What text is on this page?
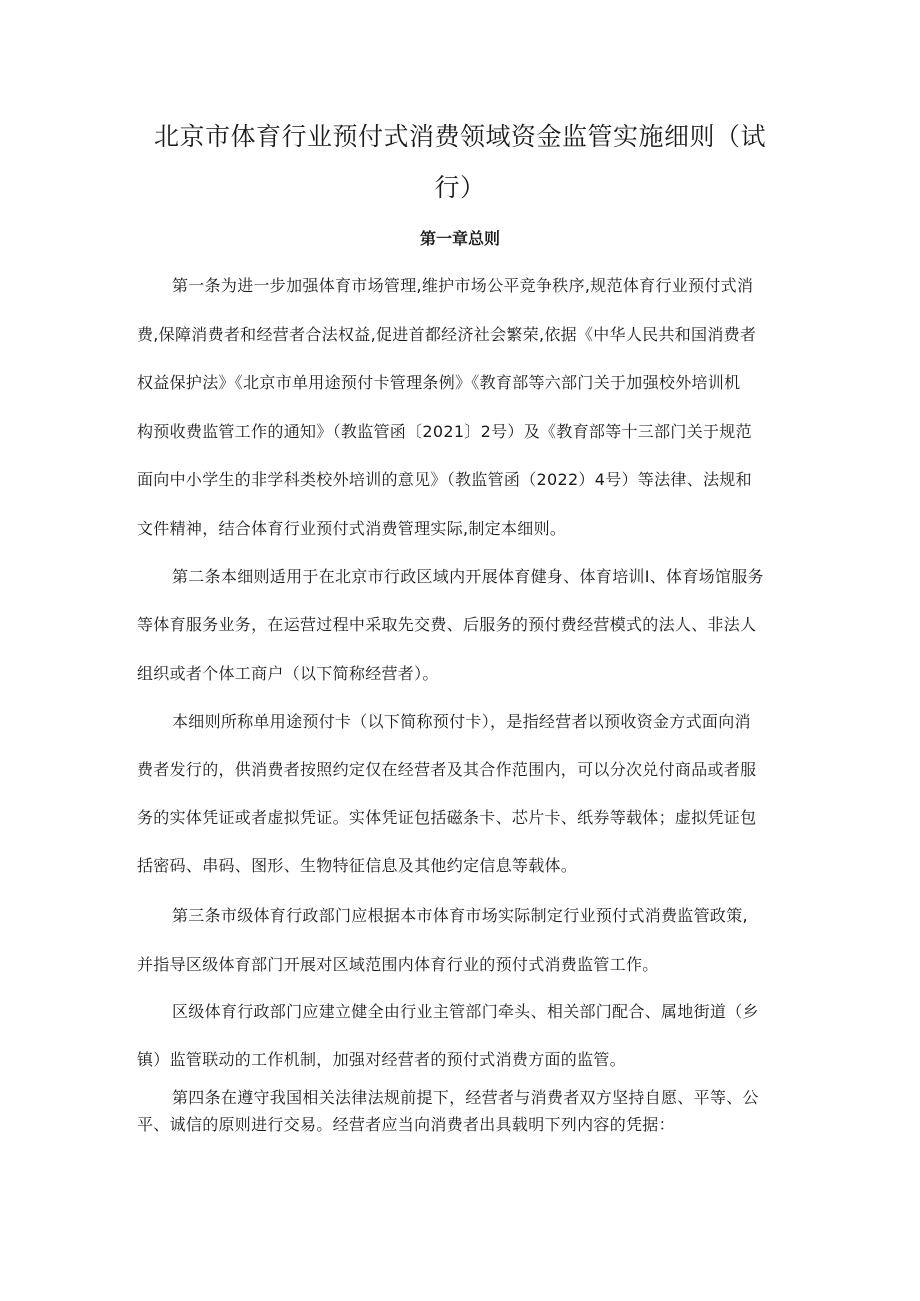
北京市体育行业预付式消费领域资金监管实施细则（试
行）
第一章总则
第一条为进一步加强体育市场管理,维护市场公平竞争秩序,规范体育行业预付式消
费,保障消费者和经营者合法权益,促进首都经济社会繁荣,依据《中华人民共和国消费者
权益保护法》《北京市单用途预付卡管理条例》《教育部等六部门关于加强校外培训机
构预收费监管工作的通知》（教监管函〔2021〕2号）及《教育部等十三部门关于规范
面向中小学生的非学科类校外培训的意见》（教监管函（2022）4号）等法律、法规和
文件精神，结合体育行业预付式消费管理实际,制定本细则。
第二条本细则适用于在北京市行政区域内开展体育健身、体育培训Ⅰ、体育场馆服务
等体育服务业务，在运营过程中采取先交费、后服务的预付费经营模式的法人、非法人
组织或者个体工商户（以下简称经营者）。
本细则所称单用途预付卡（以下简称预付卡），是指经营者以预收资金方式面向消
费者发行的，供消费者按照约定仅在经营者及其合作范围内，可以分次兑付商品或者服
务的实体凭证或者虚拟凭证。实体凭证包括磁条卡、芯片卡、纸券等载体；虚拟凭证包
括密码、串码、图形、生物特征信息及其他约定信息等载体。
第三条市级体育行政部门应根据本市体育市场实际制定行业预付式消费监管政策,
并指导区级体育部门开展对区域范围内体育行业的预付式消费监管工作。
区级体育行政部门应建立健全由行业主管部门牵头、相关部门配合、属地街道（乡
镇）监管联动的工作机制，加强对经营者的预付式消费方面的监管。
第四条在遵守我国相关法律法规前提下，经营者与消费者双方坚持自愿、平等、公
平、诚信的原则进行交易。经营者应当向消费者出具载明下列内容的凭据：
